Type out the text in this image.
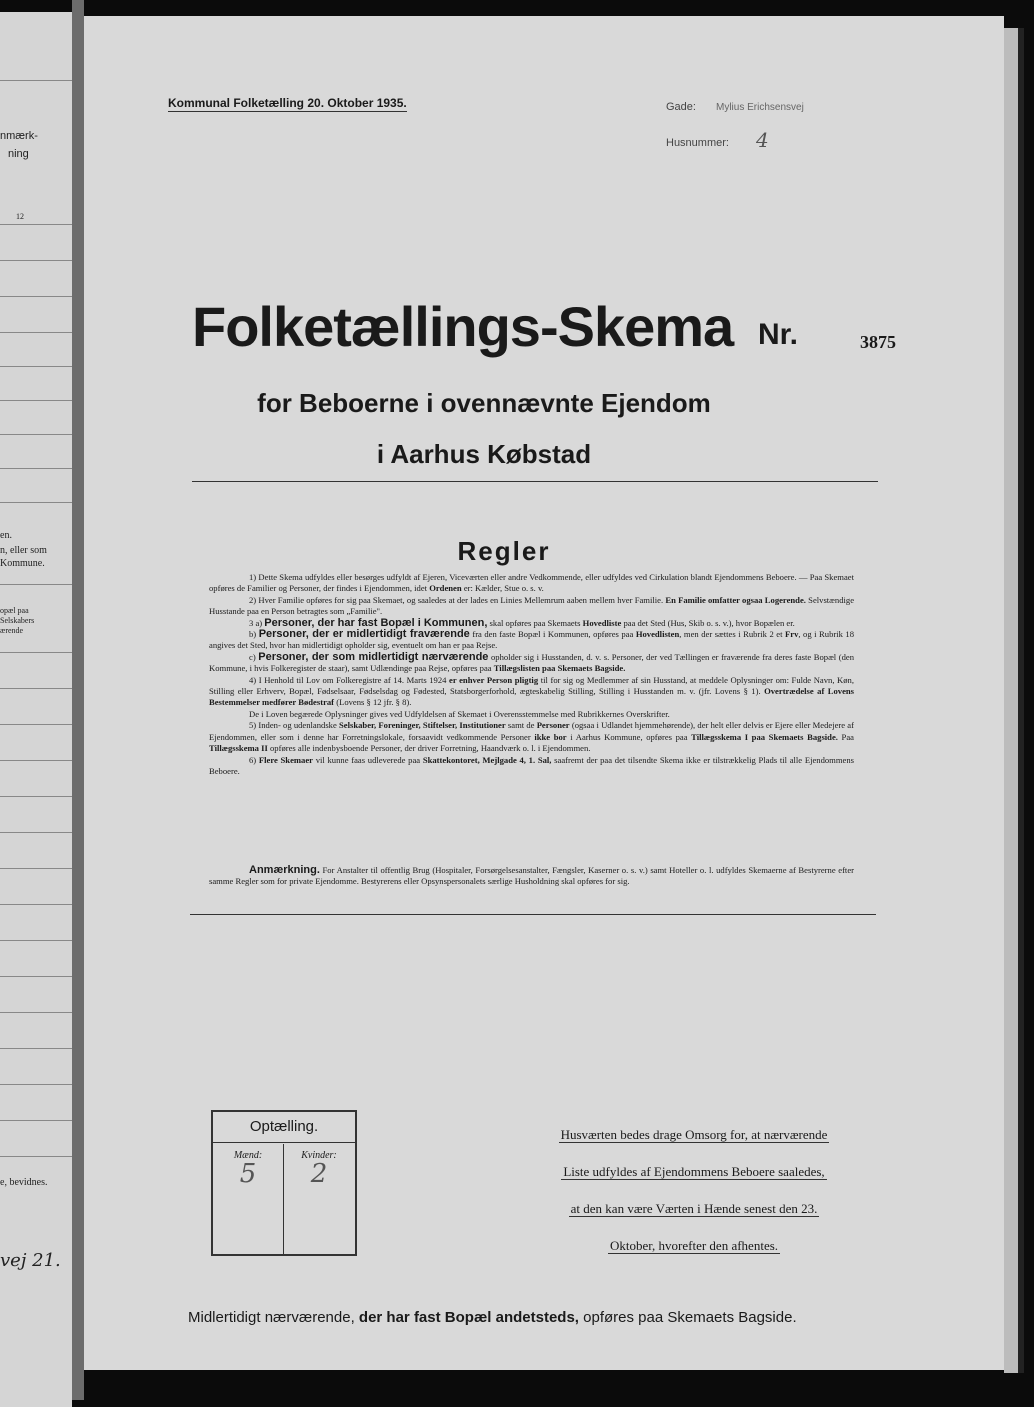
nmærk-
ning
12
en.
n, eller som
Kommune.
opæl paa
Selskabers
ærende
e, bevidnes.
vej 21.
Kommunal Folketælling 20. Oktober 1935.	Gade: Mylius Erichsensvej
Husnummer: 4
Folketællings-Skema Nr.	3875
for Beboerne i ovennævnte Ejendom
i Aarhus Købstad
Regler

1) Dette Skema udfyldes eller besørges udfyldt af Ejeren, Viceværten eller andre Vedkommende, eller udfyldes ved Cirkulation blandt Ejendommens Beboere. — Paa Skemaet opføres de Familier og Personer, der findes i Ejendommen, idet Ordenen er: Kælder, Stue o. s. v.

2) Hver Familie opføres for sig paa Skemaet, og saaledes at der lades en Linies Mellemrum aaben mellem hver Familie. En Familie omfatter ogsaa Logerende. Selvstændige Husstande paa en Person betragtes som „Familie".

3 a) Personer, der har fast Bopæl i Kommunen, skal opføres paa Skemaets Hovedliste paa det Sted (Hus, Skib o. s. v.), hvor Bopælen er.

b) Personer, der er midlertidigt fraværende fra den faste Bopæl i Kommunen, opføres paa Hovedlisten, men der sættes i Rubrik 2 et Frv, og i Rubrik 18 angives det Sted, hvor han midlertidigt opholder sig, eventuelt om han er paa Rejse.

c) Personer, der som midlertidigt nærværende opholder sig i Husstanden, d. v. s. Personer, der ved Tællingen er fraværende fra deres faste Bopæl (den Kommune, i hvis Folkeregister de staar), samt Udlændinge paa Rejse, opføres paa Tillægslisten paa Skemaets Bagside.

4) I Henhold til Lov om Folkeregistre af 14. Marts 1924 er enhver Person pligtig til for sig og Medlemmer af sin Husstand, at meddele Oplysninger om: Fulde Navn, Køn, Stilling eller Erhverv, Bopæl, Fødselsaar, Fødselsdag og Fødested, Statsborgerforhold, ægteskabelig Stilling, Stilling i Husstanden m. v. (jfr. Lovens § 1). Overtrædelse af Lovens Bestemmelser medfører Bødestraf (Lovens § 12 jfr. § 8).

De i Loven begærede Oplysninger gives ved Udfyldelsen af Skemaet i Overensstemmelse med Rubrikkernes Overskrifter.

5) Inden- og udenlandske Selskaber, Foreninger, Stiftelser, Institutioner samt de Personer (ogsaa i Udlandet hjemmehørende), der helt eller delvis er Ejere eller Medejere af Ejendommen, eller som i denne har Forretningslokale, forsaavidt vedkommende Personer ikke bor i Aarhus Kommune, opføres paa Tillægsskema I paa Skemaets Bagside. Paa Tillægsskema II opføres alle indenbysboende Personer, der driver Forretning, Haandværk o. l. i Ejendommen.

6) Flere Skemaer vil kunne faas udleverede paa Skattekontoret, Mejlgade 4, 1. Sal, saafremt der paa det tilsendte Skema ikke er tilstrækkelig Plads til alle Ejendommens Beboere.

Anmærkning. For Anstalter til offentlig Brug (Hospitaler, Forsørgelsesanstalter, Fængsler, Kaserner o. s. v.) samt Hoteller o. l. udfyldes Skemaerne af Bestyrerne efter samme Regler som for private Ejendomme. Bestyrerens eller Opsynspersonalets særlige Husholdning skal opføres for sig.

Optælling.
Mænd:
5
Kvinder:
2
Husværten bedes drage Omsorg for, at nærværende
Liste udfyldes af Ejendommens Beboere saaledes,
at den kan være Værten i Hænde senest den 23.
Oktober, hvorefter den afhentes.
Midlertidigt nærværende, der har fast Bopæl andetsteds, opføres paa Skemaets Bagside.
